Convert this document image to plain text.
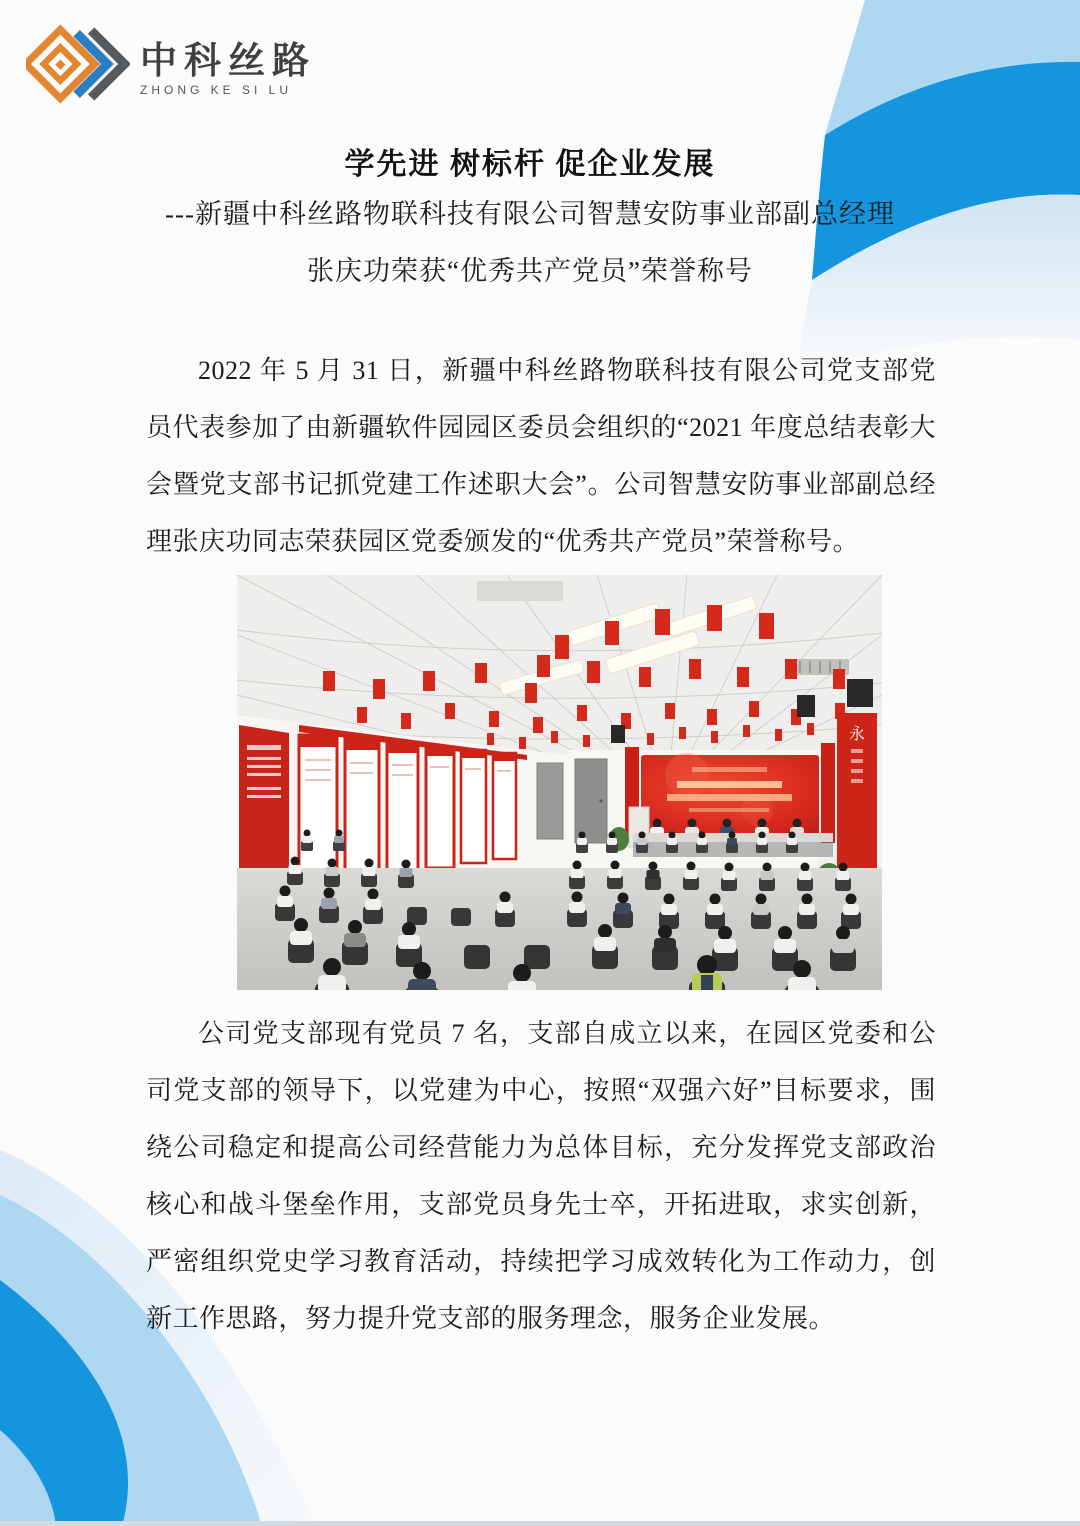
中科丝路
ZHONG KE SI LU
学先进 树标杆 促企业发展
---新疆中科丝路物联科技有限公司智慧安防事业部副总经理
张庆功荣获“优秀共产党员”荣誉称号

2022 年 5 月 31 日，新疆中科丝路物联科技有限公司党支部党员代表参加了由新疆软件园园区委员会组织的“2021 年度总结表彰大会暨党支部书记抓党建工作述职大会”。公司智慧安防事业部副总经理张庆功同志荣获园区党委颁发的“优秀共产党员”荣誉称号。

永

公司党支部现有党员 7 名，支部自成立以来，在园区党委和公司党支部的领导下，以党建为中心，按照“双强六好”目标要求，围绕公司稳定和提高公司经营能力为总体目标，充分发挥党支部政治核心和战斗堡垒作用，支部党员身先士卒，开拓进取，求实创新，严密组织党史学习教育活动，持续把学习成效转化为工作动力，创新工作思路，努力提升党支部的服务理念，服务企业发展。
